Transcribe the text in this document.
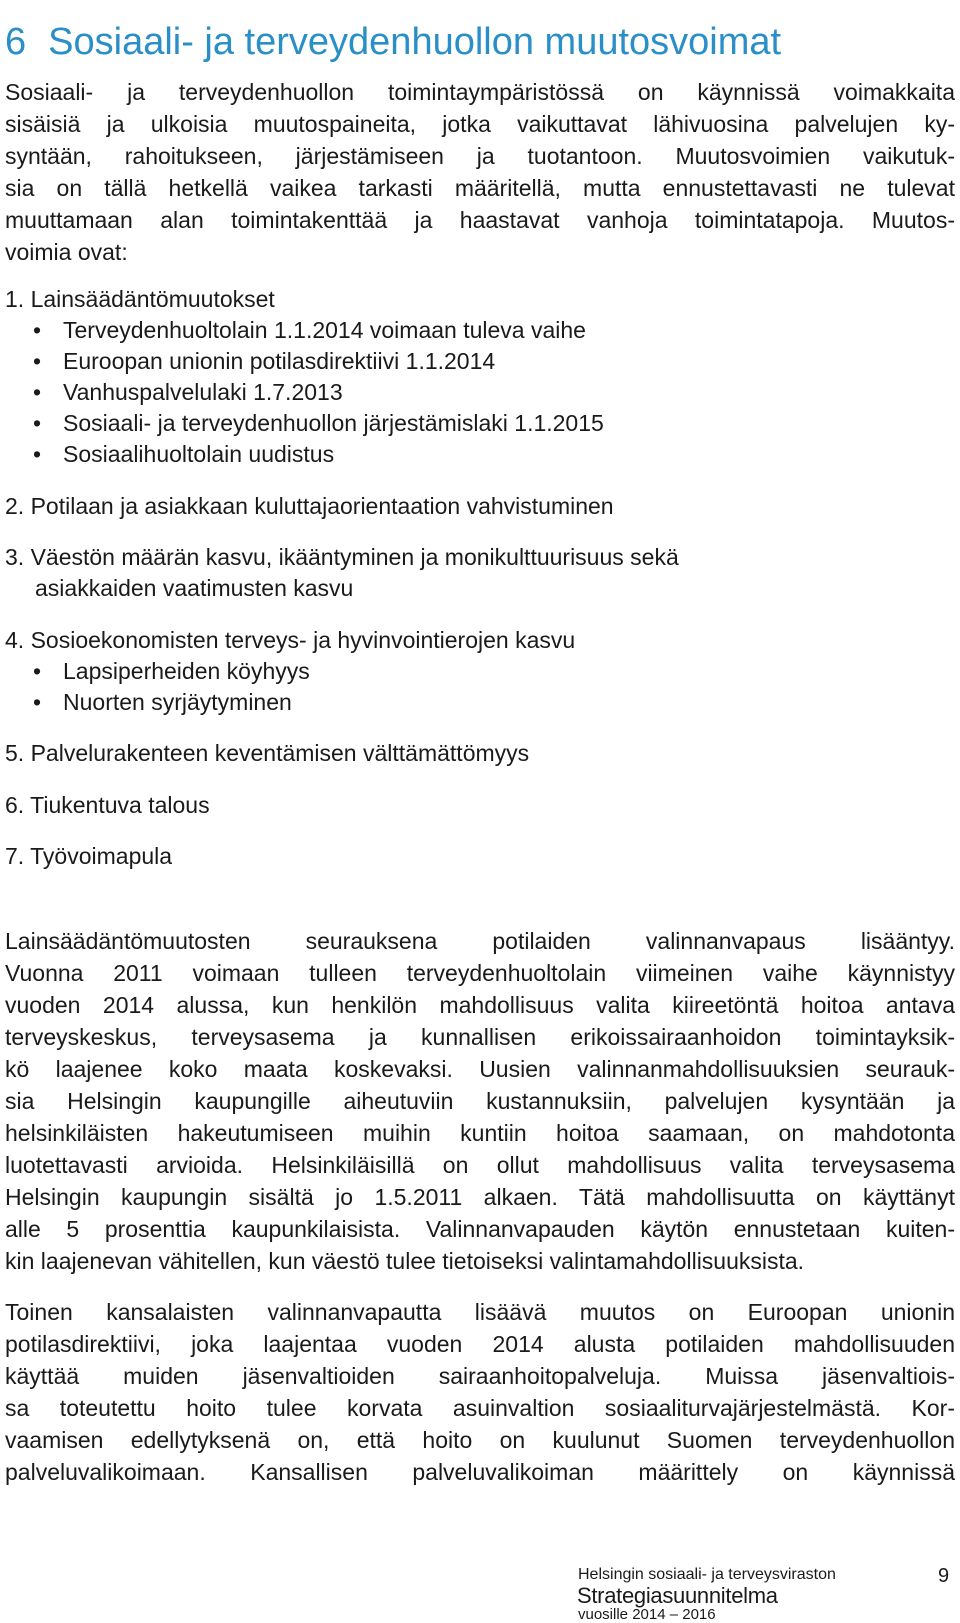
6 Sosiaali- ja terveydenhuollon muutosvoimat
Sosiaali- ja terveydenhuollon toimintaympäristössä on käynnissä voimakkaita
sisäisiä ja ulkoisia muutospaineita, jotka vaikuttavat lähivuosina palvelujen ky-
syntään, rahoitukseen, järjestämiseen ja tuotantoon. Muutosvoimien vaikutuk-
sia on tällä hetkellä vaikea tarkasti määritellä, mutta ennustettavasti ne tulevat
muuttamaan alan toimintakenttää ja haastavat vanhoja toimintatapoja. Muutos-
voimia ovat:
1. Lainsäädäntömuutokset
• Terveydenhuoltolain 1.1.2014 voimaan tuleva vaihe
• Euroopan unionin potilasdirektiivi 1.1.2014
• Vanhuspalvelulaki 1.7.2013
• Sosiaali- ja terveydenhuollon järjestämislaki 1.1.2015
• Sosiaalihuoltolain uudistus
2. Potilaan ja asiakkaan kuluttajaorientaation vahvistuminen
3. Väestön määrän kasvu, ikääntyminen ja monikulttuurisuus sekä
asiakkaiden vaatimusten kasvu
4. Sosioekonomisten terveys- ja hyvinvointierojen kasvu
• Lapsiperheiden köyhyys
• Nuorten syrjäytyminen
5. Palvelurakenteen keventämisen välttämättömyys
6. Tiukentuva talous
7. Työvoimapula
Lainsäädäntömuutosten seurauksena potilaiden valinnanvapaus lisääntyy.
Vuonna 2011 voimaan tulleen terveydenhuoltolain viimeinen vaihe käynnistyy
vuoden 2014 alussa, kun henkilön mahdollisuus valita kiireetöntä hoitoa antava
terveyskeskus, terveysasema ja kunnallisen erikoissairaanhoidon toimintayksik-
kö laajenee koko maata koskevaksi. Uusien valinnanmahdollisuuksien seurauk-
sia Helsingin kaupungille aiheutuviin kustannuksiin, palvelujen kysyntään ja
helsinkiläisten hakeutumiseen muihin kuntiin hoitoa saamaan, on mahdotonta
luotettavasti arvioida. Helsinkiläisillä on ollut mahdollisuus valita terveysasema
Helsingin kaupungin sisältä jo 1.5.2011 alkaen. Tätä mahdollisuutta on käyttänyt
alle 5 prosenttia kaupunkilaisista. Valinnanvapauden käytön ennustetaan kuiten-
kin laajenevan vähitellen, kun väestö tulee tietoiseksi valintamahdollisuuksista.
Toinen kansalaisten valinnanvapautta lisäävä muutos on Euroopan unionin
potilasdirektiivi, joka laajentaa vuoden 2014 alusta potilaiden mahdollisuuden
käyttää muiden jäsenvaltioiden sairaanhoitopalveluja. Muissa jäsenvaltiois-
sa toteutettu hoito tulee korvata asuinvaltion sosiaaliturvajärjestelmästä. Kor-
vaamisen edellytyksenä on, että hoito on kuulunut Suomen terveydenhuollon
palveluvalikoimaan. Kansallisen palveluvalikoiman määrittely on käynnissä
Helsingin sosiaali- ja terveysviraston
Strategiasuunnitelma
vuosille 2014 – 2016
9
